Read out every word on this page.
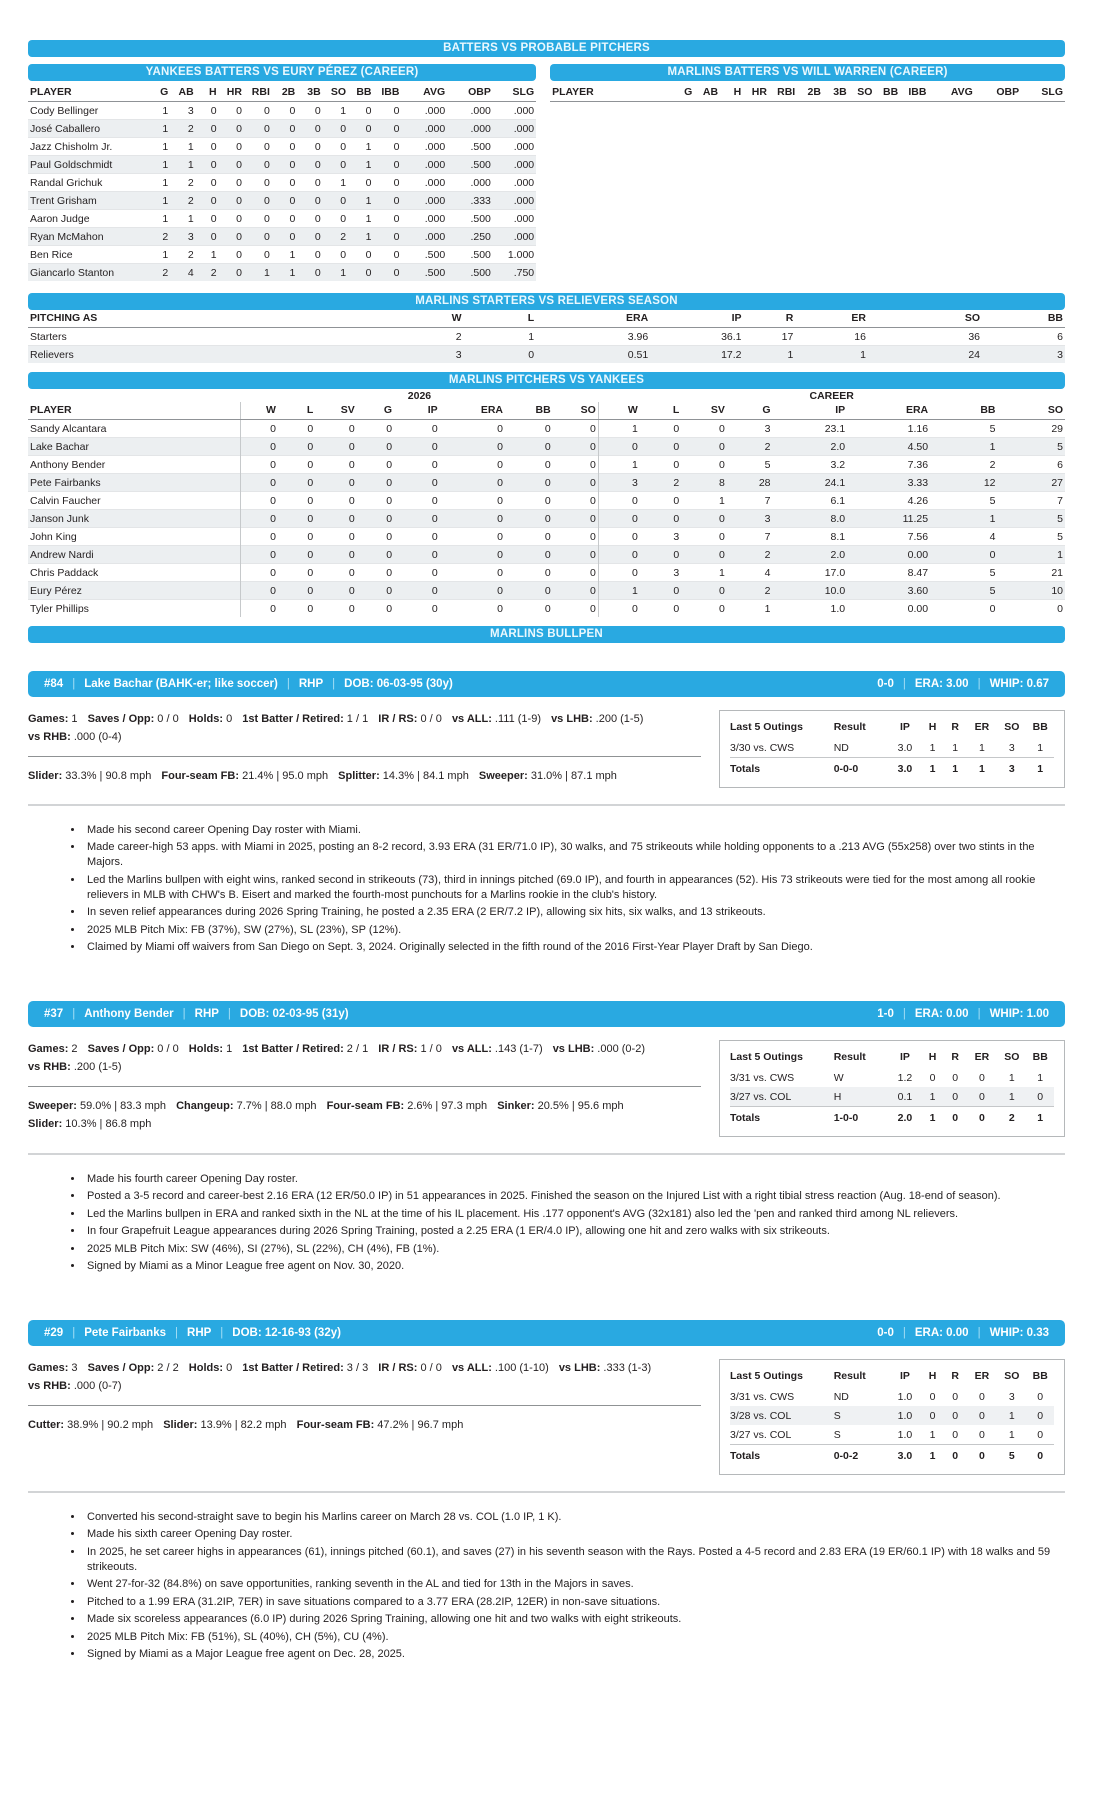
BATTERS VS PROBABLE PITCHERS
YANKEES BATTERS VS EURY PÉREZ (CAREER)
PLAYER	G	AB	H	HR	RBI	2B	3B	SO	BB	IBB	AVG	OBP	SLG
Cody Bellinger	1	3	0	0	0	0	0	1	0	0	.000	.000	.000
José Caballero	1	2	0	0	0	0	0	0	0	0	.000	.000	.000
Jazz Chisholm Jr.	1	1	0	0	0	0	0	0	1	0	.000	.500	.000
Paul Goldschmidt	1	1	0	0	0	0	0	0	1	0	.000	.500	.000
Randal Grichuk	1	2	0	0	0	0	0	1	0	0	.000	.000	.000
Trent Grisham	1	2	0	0	0	0	0	0	1	0	.000	.333	.000
Aaron Judge	1	1	0	0	0	0	0	0	1	0	.000	.500	.000
Ryan McMahon	2	3	0	0	0	0	0	2	1	0	.000	.250	.000
Ben Rice	1	2	1	0	0	1	0	0	0	0	.500	.500	1.000
Giancarlo Stanton	2	4	2	0	1	1	0	1	0	0	.500	.500	.750
MARLINS BATTERS VS WILL WARREN (CAREER)
PLAYER	G	AB	H	HR	RBI	2B	3B	SO	BB	IBB	AVG	OBP	SLG
MARLINS STARTERS VS RELIEVERS SEASON
PITCHING AS	W	L	ERA	IP	R	ER	SO	BB
Starters	2	1	3.96	36.1	17	16	36	6
Relievers	3	0	0.51	17.2	1	1	24	3
MARLINS PITCHERS VS YANKEES
	2026								CAREER							
PLAYER	W	L	SV	G	IP	ERA	BB	SO	W	L	SV	G	IP	ERA	BB	SO
Sandy Alcantara	0	0	0	0	0	0	0	0	1	0	0	3	23.1	1.16	5	29
Lake Bachar	0	0	0	0	0	0	0	0	0	0	0	2	2.0	4.50	1	5
Anthony Bender	0	0	0	0	0	0	0	0	1	0	0	5	3.2	7.36	2	6
Pete Fairbanks	0	0	0	0	0	0	0	0	3	2	8	28	24.1	3.33	12	27
Calvin Faucher	0	0	0	0	0	0	0	0	0	0	1	7	6.1	4.26	5	7
Janson Junk	0	0	0	0	0	0	0	0	0	0	0	3	8.0	11.25	1	5
John King	0	0	0	0	0	0	0	0	0	3	0	7	8.1	7.56	4	5
Andrew Nardi	0	0	0	0	0	0	0	0	0	0	0	2	2.0	0.00	0	1
Chris Paddack	0	0	0	0	0	0	0	0	0	3	1	4	17.0	8.47	5	21
Eury Pérez	0	0	0	0	0	0	0	0	1	0	0	2	10.0	3.60	5	10
Tyler Phillips	0	0	0	0	0	0	0	0	0	0	0	1	1.0	0.00	0	0
MARLINS BULLPEN
#84 | Lake Bachar (BAHK-er; like soccer) | RHP | DOB: 06-03-95 (30y)	0-0 | ERA: 3.00 | WHIP: 0.67

Games: 1 Saves / Opp: 0 / 0 Holds: 0 1st Batter / Retired: 1 / 1 IR / RS: 0 / 0 vs ALL: .111 (1-9) vs LHB: .200 (1-5) vs RHB: .000 (0-4)

Slider: 33.3% | 90.8 mph Four-seam FB: 21.4% | 95.0 mph Splitter: 14.3% | 84.1 mph Sweeper: 31.0% | 87.1 mph

Last 5 Outings	Result	IP	H	R	ER	SO	BB
3/30 vs. CWS	ND	3.0	1	1	1	3	1
Totals	0-0-0	3.0	1	1	1	3	1
• Made his second career Opening Day roster with Miami.
• Made career-high 53 apps. with Miami in 2025, posting an 8-2 record, 3.93 ERA (31 ER/71.0 IP), 30 walks, and 75 strikeouts while holding opponents to a .213 AVG (55x258) over two stints in the Majors.
• Led the Marlins bullpen with eight wins, ranked second in strikeouts (73), third in innings pitched (69.0 IP), and fourth in appearances (52). His 73 strikeouts were tied for the most among all rookie relievers in MLB with CHW's B. Eisert and marked the fourth-most punchouts for a Marlins rookie in the club's history.
• In seven relief appearances during 2026 Spring Training, he posted a 2.35 ERA (2 ER/7.2 IP), allowing six hits, six walks, and 13 strikeouts.
• 2025 MLB Pitch Mix: FB (37%), SW (27%), SL (23%), SP (12%).
• Claimed by Miami off waivers from San Diego on Sept. 3, 2024. Originally selected in the fifth round of the 2016 First-Year Player Draft by San Diego.
#37 | Anthony Bender | RHP | DOB: 02-03-95 (31y)	1-0 | ERA: 0.00 | WHIP: 1.00

Games: 2 Saves / Opp: 0 / 0 Holds: 1 1st Batter / Retired: 2 / 1 IR / RS: 1 / 0 vs ALL: .143 (1-7) vs LHB: .000 (0-2) vs RHB: .200 (1-5)

Sweeper: 59.0% | 83.3 mph Changeup: 7.7% | 88.0 mph Four-seam FB: 2.6% | 97.3 mph Sinker: 20.5% | 95.6 mph Slider: 10.3% | 86.8 mph

Last 5 Outings	Result	IP	H	R	ER	SO	BB
3/31 vs. CWS	W	1.2	0	0	0	1	1
3/27 vs. COL	H	0.1	1	0	0	1	0
Totals	1-0-0	2.0	1	0	0	2	1
• Made his fourth career Opening Day roster.
• Posted a 3-5 record and career-best 2.16 ERA (12 ER/50.0 IP) in 51 appearances in 2025. Finished the season on the Injured List with a right tibial stress reaction (Aug. 18-end of season).
• Led the Marlins bullpen in ERA and ranked sixth in the NL at the time of his IL placement. His .177 opponent's AVG (32x181) also led the 'pen and ranked third among NL relievers.
• In four Grapefruit League appearances during 2026 Spring Training, posted a 2.25 ERA (1 ER/4.0 IP), allowing one hit and zero walks with six strikeouts.
• 2025 MLB Pitch Mix: SW (46%), SI (27%), SL (22%), CH (4%), FB (1%).
• Signed by Miami as a Minor League free agent on Nov. 30, 2020.
#29 | Pete Fairbanks | RHP | DOB: 12-16-93 (32y)	0-0 | ERA: 0.00 | WHIP: 0.33

Games: 3 Saves / Opp: 2 / 2 Holds: 0 1st Batter / Retired: 3 / 3 IR / RS: 0 / 0 vs ALL: .100 (1-10) vs LHB: .333 (1-3) vs RHB: .000 (0-7)

Cutter: 38.9% | 90.2 mph Slider: 13.9% | 82.2 mph Four-seam FB: 47.2% | 96.7 mph

Last 5 Outings	Result	IP	H	R	ER	SO	BB
3/31 vs. CWS	ND	1.0	0	0	0	3	0
3/28 vs. COL	S	1.0	0	0	0	1	0
3/27 vs. COL	S	1.0	1	0	0	1	0
Totals	0-0-2	3.0	1	0	0	5	0
• Converted his second-straight save to begin his Marlins career on March 28 vs. COL (1.0 IP, 1 K).
• Made his sixth career Opening Day roster.
• In 2025, he set career highs in appearances (61), innings pitched (60.1), and saves (27) in his seventh season with the Rays. Posted a 4-5 record and 2.83 ERA (19 ER/60.1 IP) with 18 walks and 59 strikeouts.
• Went 27-for-32 (84.8%) on save opportunities, ranking seventh in the AL and tied for 13th in the Majors in saves.
• Pitched to a 1.99 ERA (31.2IP, 7ER) in save situations compared to a 3.77 ERA (28.2IP, 12ER) in non-save situations.
• Made six scoreless appearances (6.0 IP) during 2026 Spring Training, allowing one hit and two walks with eight strikeouts.
• 2025 MLB Pitch Mix: FB (51%), SL (40%), CH (5%), CU (4%).
• Signed by Miami as a Major League free agent on Dec. 28, 2025.
